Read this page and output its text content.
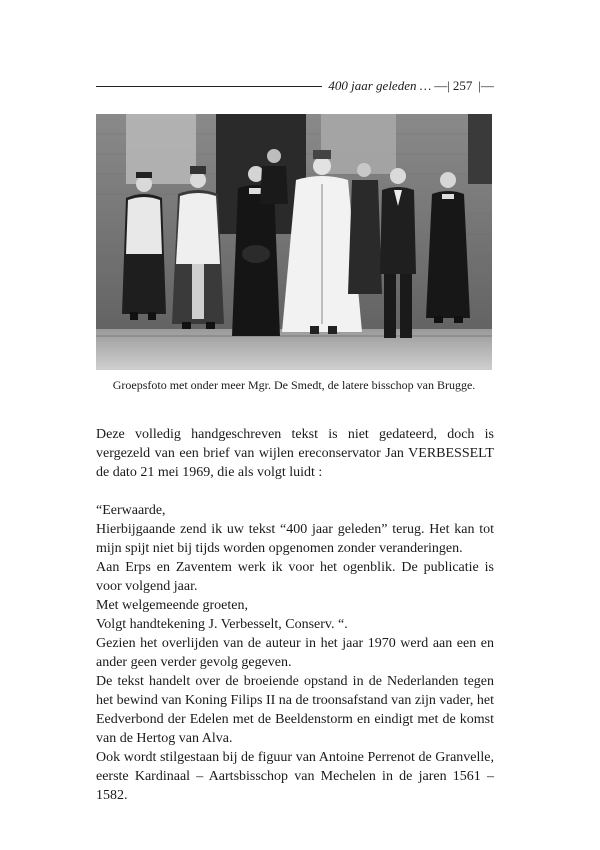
400 jaar geleden … —| 257 |—
Groepsfoto met onder meer Mgr. De Smedt, de latere bisschop van Brugge.

Deze volledig handgeschreven tekst is niet gedateerd, doch is vergezeld van een brief van wijlen ereconservator Jan VERBESSELT de dato 21 mei 1969, die als volgt luidt :

“Eerwaarde,

Hierbijgaande zend ik uw tekst “400 jaar geleden” terug. Het kan tot mijn spijt niet bij tijds worden opgenomen zonder veranderingen.

Aan Erps en Zaventem werk ik voor het ogenblik. De publicatie is voor volgend jaar.

Met welgemeende groeten,

Volgt handtekening J. Verbesselt, Conserv. “.

Gezien het overlijden van de auteur in het jaar 1970 werd aan een en ander geen verder gevolg gegeven.

De tekst handelt over de broeiende opstand in de Nederlanden tegen het bewind van Koning Filips II na de troonsafstand van zijn vader, het Eedverbond der Edelen met de Beeldenstorm en eindigt met de komst van de Hertog van Alva.

Ook wordt stilgestaan bij de figuur van Antoine Perrenot de Granvelle, eerste Kardinaal – Aartsbisschop van Mechelen in de jaren 1561 – 1582.
